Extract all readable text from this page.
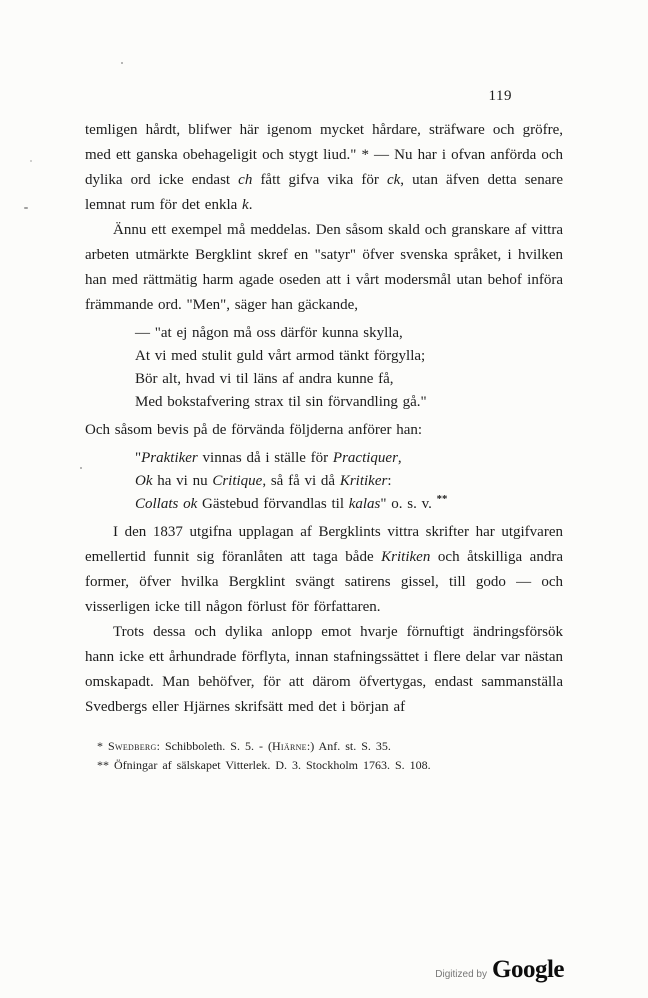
119

temligen hårdt, blifwer här igenom mycket hårdare, sträfware och gröfre, med ett ganska obehageligit och stygt liud." * — Nu har i ofvan anförda och dylika ord icke endast ch fått gifva vika för ck, utan äfven detta senare lemnat rum för det enkla k.

Ännu ett exempel må meddelas. Den såsom skald och granskare af vittra arbeten utmärkte Bergklint skref en "satyr" öfver svenska språket, i hvilken han med rättmätig harm agade oseden att i vårt modersmål utan behof införa främmande ord. "Men", säger han gäckande,

— "at ej någon må oss därför kunna skylla,
At vi med stulit guld vårt armod tänkt förgylla;
Bör alt, hvad vi til läns af andra kunne få,
Med bokstafvering strax til sin förvandling gå."

Och såsom bevis på de förvända följderna anförer han:

"Praktiker vinnas då i ställe för Practiquer,
Ok ha vi nu Critique, så få vi då Kritiker:
Collats ok Gästebud förvandlas til kalas" o. s. v. **

I den 1837 utgifna upplagan af Bergklints vittra skrifter har utgifvaren emellertid funnit sig föranlåten att taga både Kritiken och åtskilliga andra former, öfver hvilka Bergklint svängt satirens gissel, till godo — och visserligen icke till någon förlust för författaren.

Trots dessa och dylika anlopp emot hvarje förnuftigt ändringsförsök hann icke ett århundrade förflyta, innan stafningssättet i flere delar var nästan omskapadt. Man behöfver, för att därom öfvertygas, endast sammanställa Svedbergs eller Hjärnes skrifsätt med det i början af

* Swedberg: Schibboleth. S. 5. - (Hiärne:) Anf. st. S. 35.

** Öfningar af sälskapet Vitterlek. D. 3. Stockholm 1763. S. 108.

Digitized by Google
